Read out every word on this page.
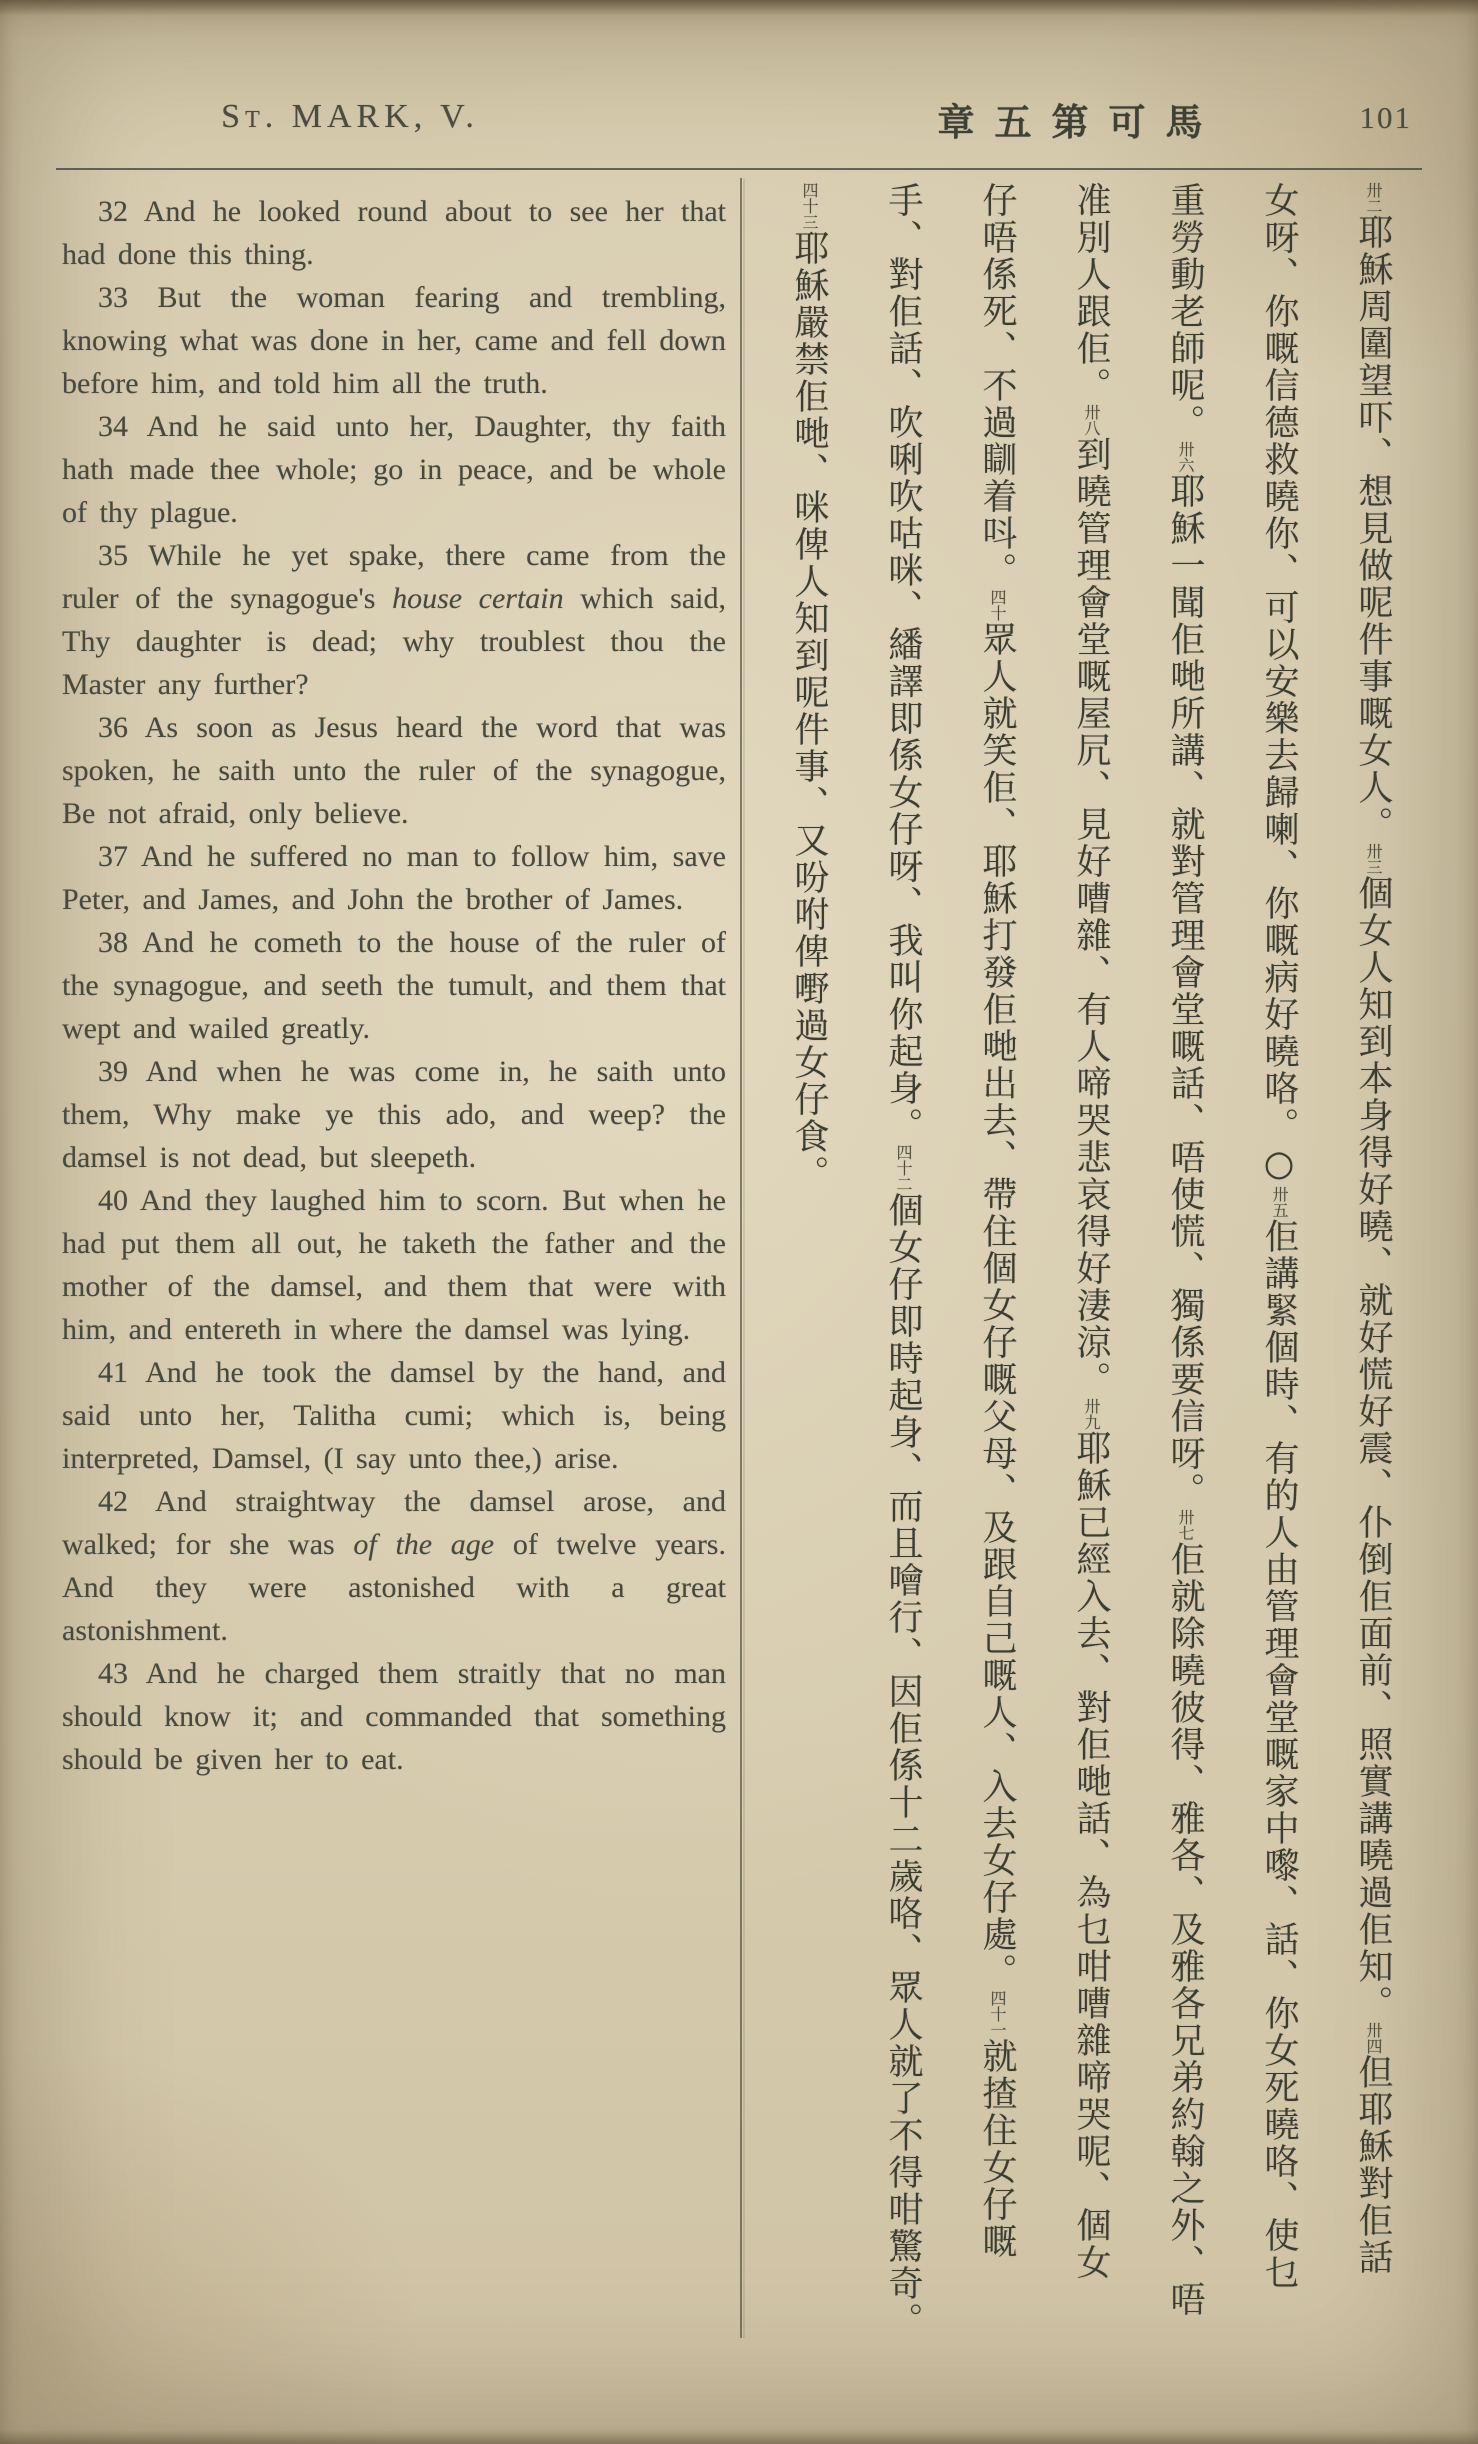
St. MARK, V.	章五第可馬	101

32 And he looked round about to see her that had done this thing.

33 But the woman fearing and trembling, knowing what was done in her, came and fell down before him, and told him all the truth.

34 And he said unto her, Daughter, thy faith hath made thee whole; go in peace, and be whole of thy plague.

35 While he yet spake, there came from the ruler of the synagogue's house certain which said, Thy daughter is dead; why troublest thou the Master any further?

36 As soon as Jesus heard the word that was spoken, he saith unto the ruler of the synagogue, Be not afraid, only believe.

37 And he suffered no man to follow him, save Peter, and James, and John the brother of James.

38 And he cometh to the house of the ruler of the synagogue, and seeth the tumult, and them that wept and wailed greatly.

39 And when he was come in, he saith unto them, Why make ye this ado, and weep? the damsel is not dead, but sleepeth.

40 And they laughed him to scorn. But when he had put them all out, he taketh the father and the mother of the damsel, and them that were with him, and entereth in where the damsel was lying.

41 And he took the damsel by the hand, and said unto her, Talitha cumi; which is, being interpreted, Damsel, (I say unto thee,) arise.

42 And straightway the damsel arose, and walked; for she was of the age of twelve years. And they were astonished with a great astonishment.

43 And he charged them straitly that no man should know it; and commanded that something should be given her to eat.

卅二耶穌周圍望吓、想見做呢件事嘅女人。卅三個女人知到本身得好曉、就好慌好震、仆倒佢面前、照實講曉過佢知。卅四但耶穌對佢話
女呀、你嘅信德救曉你、可以安樂去歸喇、你嘅病好曉咯。○卅五佢講緊個時、有的人由管理會堂嘅家中嚟、話、你女死曉咯、使乜
重勞動老師呢。卅六耶穌一聞佢哋所講、就對管理會堂嘅話、唔使慌、獨係要信呀。卅七佢就除曉彼得、雅各、及雅各兄弟約翰之外、唔
准別人跟佢。卅八到曉管理會堂嘅屋凥、見好嘈雜、有人啼哭悲哀得好淒涼。卅九耶穌已經入去、對佢哋話、為乜咁嘈雜啼哭呢、個女
仔唔係死、不過瞓着呌。四十眾人就笑佢、耶穌打發佢哋出去、帶住個女仔嘅父母、及跟自己嘅人、入去女仔處。四十一就揸住女仔嘅
手、對佢話、吹唎吹咕咪、繙譯即係女仔呀、我叫你起身。四十二個女仔即時起身、而且噲行、因佢係十二歲咯、眾人就了不得咁驚奇。
四十三耶穌嚴禁佢哋、咪俾人知到呢件事、又吩咐俾嘢過女仔食。
